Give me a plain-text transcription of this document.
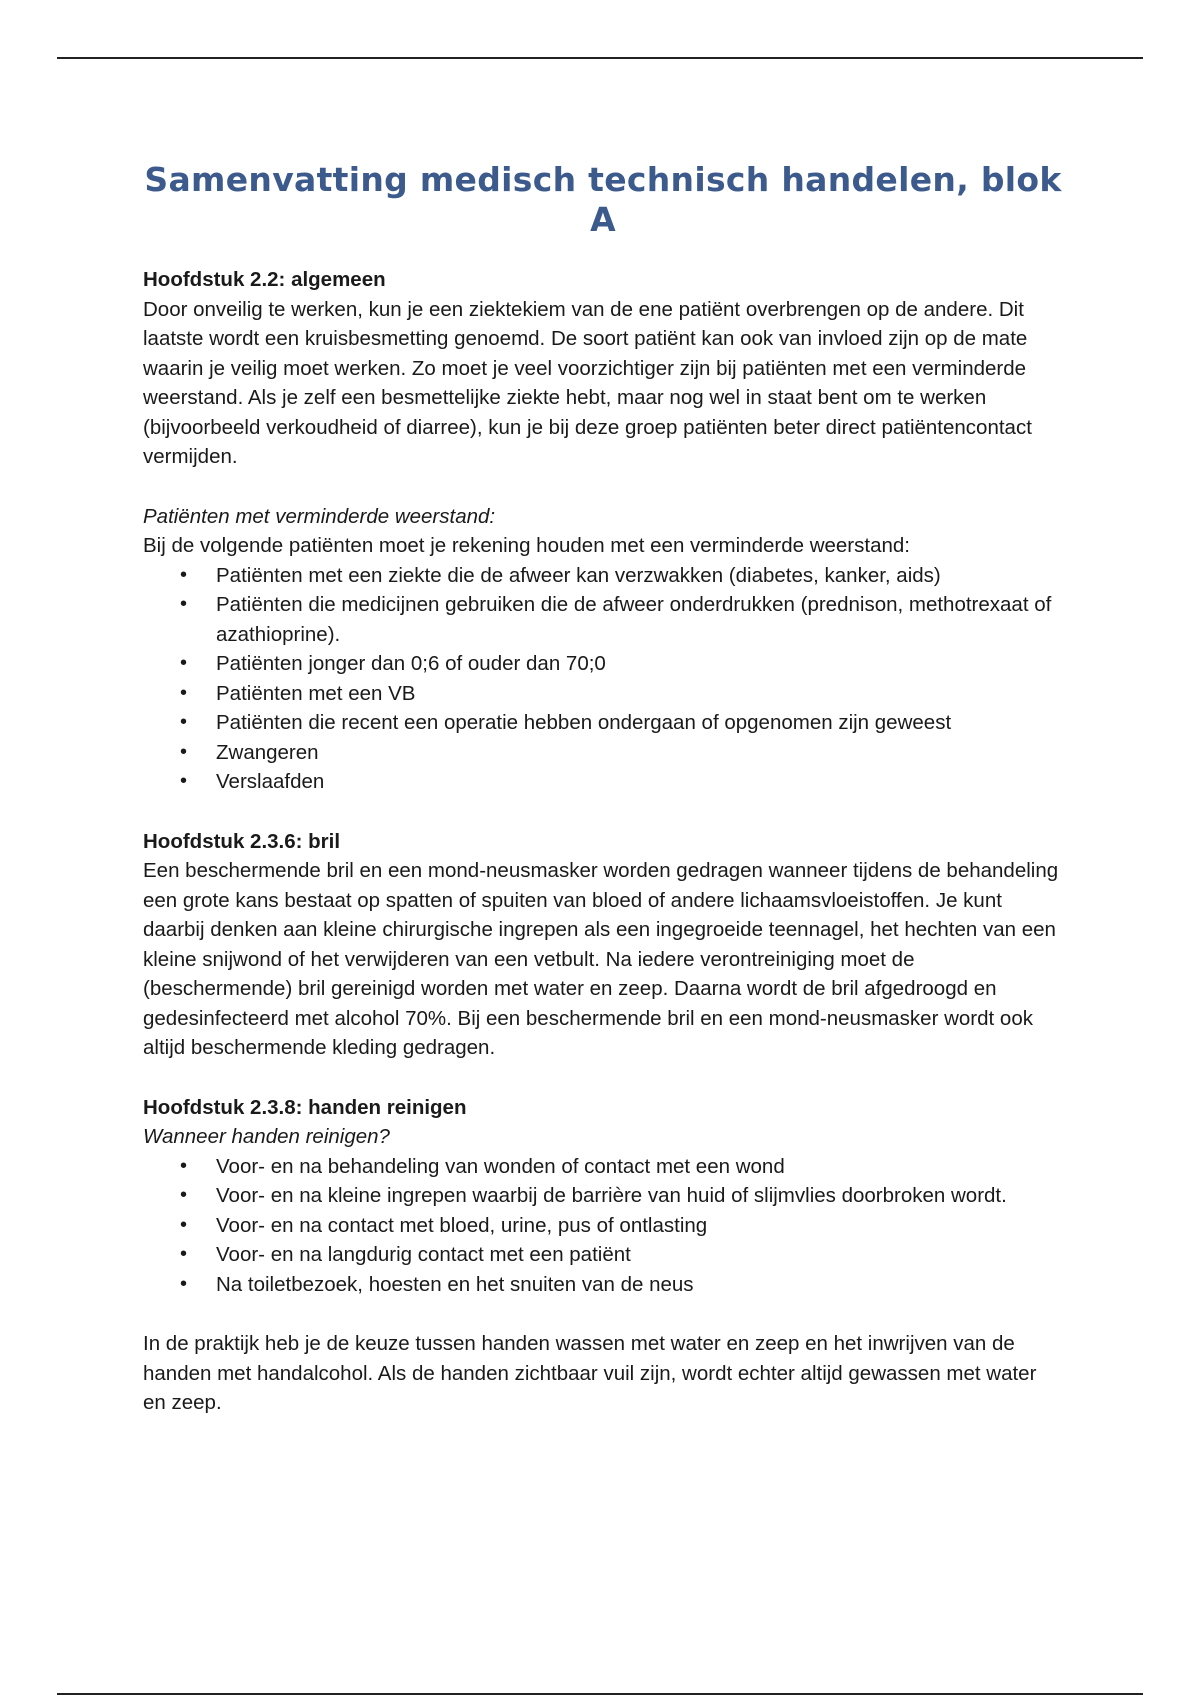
Samenvatting medisch technisch handelen, blok A

Hoofdstuk 2.2: algemeen

Door onveilig te werken, kun je een ziektekiem van de ene patiënt overbrengen op de andere. Dit laatste wordt een kruisbesmetting genoemd. De soort patiënt kan ook van invloed zijn op de mate waarin je veilig moet werken. Zo moet je veel voorzichtiger zijn bij patiënten met een verminderde weerstand. Als je zelf een besmettelijke ziekte hebt, maar nog wel in staat bent om te werken (bijvoorbeeld verkoudheid of diarree), kun je bij deze groep patiënten beter direct patiëntencontact vermijden.

Patiënten met verminderde weerstand:

Bij de volgende patiënten moet je rekening houden met een verminderde weerstand:

• Patiënten met een ziekte die de afweer kan verzwakken (diabetes, kanker, aids)
• Patiënten die medicijnen gebruiken die de afweer onderdrukken (prednison, methotrexaat of azathioprine).
• Patiënten jonger dan 0;6 of ouder dan 70;0
• Patiënten met een VB
• Patiënten die recent een operatie hebben ondergaan of opgenomen zijn geweest
• Zwangeren
• Verslaafden

Hoofdstuk 2.3.6: bril

Een beschermende bril en een mond-neusmasker worden gedragen wanneer tijdens de behandeling een grote kans bestaat op spatten of spuiten van bloed of andere lichaamsvloeistoffen. Je kunt daarbij denken aan kleine chirurgische ingrepen als een ingegroeide teennagel, het hechten van een kleine snijwond of het verwijderen van een vetbult. Na iedere verontreiniging moet de (beschermende) bril gereinigd worden met water en zeep. Daarna wordt de bril afgedroogd en gedesinfecteerd met alcohol 70%. Bij een beschermende bril en een mond-neusmasker wordt ook altijd beschermende kleding gedragen.

Hoofdstuk 2.3.8: handen reinigen

Wanneer handen reinigen?

• Voor- en na behandeling van wonden of contact met een wond
• Voor- en na kleine ingrepen waarbij de barrière van huid of slijmvlies doorbroken wordt.
• Voor- en na contact met bloed, urine, pus of ontlasting
• Voor- en na langdurig contact met een patiënt
• Na toiletbezoek, hoesten en het snuiten van de neus

In de praktijk heb je de keuze tussen handen wassen met water en zeep en het inwrijven van de handen met handalcohol. Als de handen zichtbaar vuil zijn, wordt echter altijd gewassen met water en zeep.
